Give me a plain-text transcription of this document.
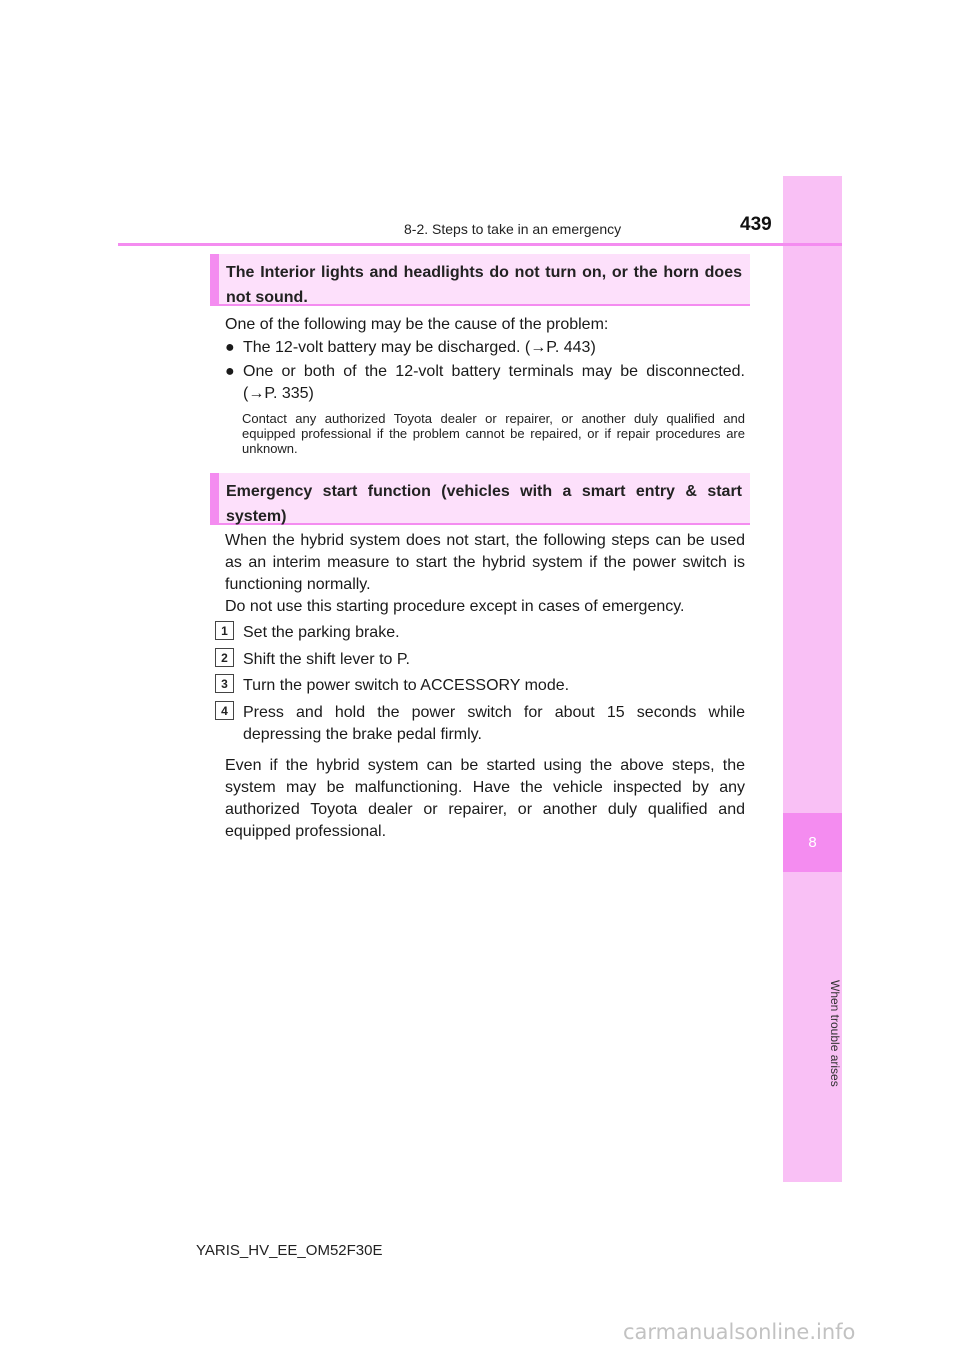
8
When trouble arises
8-2. Steps to take in an emergency	439
The Interior lights and headlights do not turn on, or the horn does not sound.
One of the following may be the cause of the problem:
● The 12-volt battery may be discharged. (→P. 443)
● One or both of the 12-volt battery terminals may be disconnected. (→P. 335)
Contact any authorized Toyota dealer or repairer, or another duly qualified and equipped professional if the problem cannot be repaired, or if repair procedures are unknown.
Emergency start function (vehicles with a smart entry & start system)
When the hybrid system does not start, the following steps can be used as an interim measure to start the hybrid system if the power switch is functioning normally.
Do not use this starting procedure except in cases of emergency.
1 Set the parking brake.
2 Shift the shift lever to P.
3 Turn the power switch to ACCESSORY mode.
4 Press and hold the power switch for about 15 seconds while depressing the brake pedal firmly.
Even if the hybrid system can be started using the above steps, the system may be malfunctioning. Have the vehicle inspected by any authorized Toyota dealer or repairer, or another duly qualified and equipped professional.
YARIS_HV_EE_OM52F30E
carmanualsonline.info
